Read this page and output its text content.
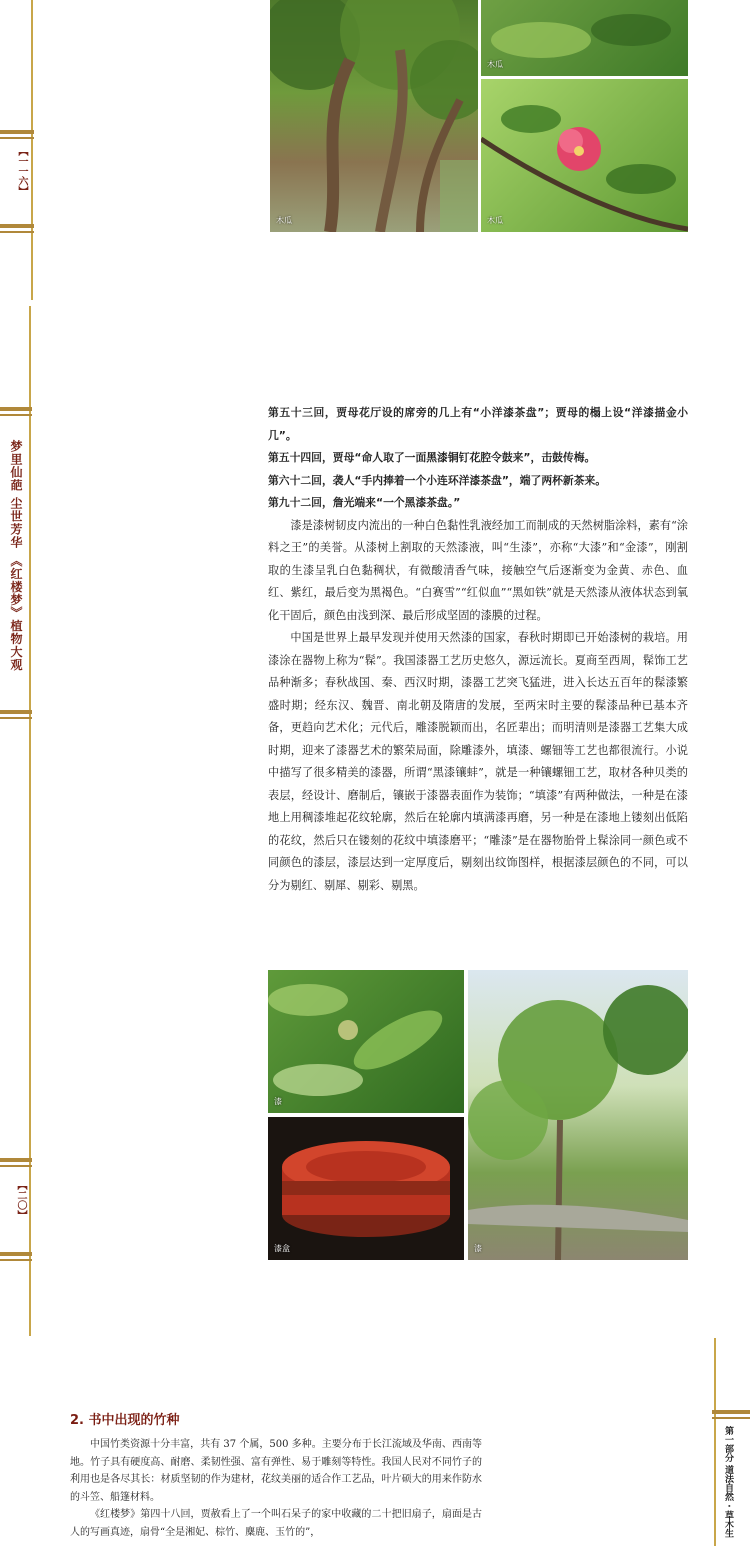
【一一六】
木瓜
木瓜
木瓜
梦里仙葩 尘世芳华 《红楼梦》植物大观
【二〇】

第五十三回，贾母花厅设的席旁的几上有“小洋漆茶盘”；贾母的榻上设“洋漆描金小几”。

第五十四回，贾母“命人取了一面黑漆铜钉花腔令鼓来”，击鼓传梅。

第六十二回，袭人“手内捧着一个小连环洋漆茶盘”，端了两杯新茶来。

第九十二回，詹光端来“一个黑漆茶盘。”

漆是漆树韧皮内流出的一种白色黏性乳液经加工而制成的天然树脂涂料，素有“涂料之王”的美誉。从漆树上割取的天然漆液，叫“生漆”，亦称“大漆”和“金漆”，刚割取的生漆呈乳白色黏稠状，有微酸清香气味，接触空气后逐渐变为金黄、赤色、血红、紫红，最后变为黑褐色。“白赛雪”“红似血”“黑如铁”就是天然漆从液体状态到氧化干固后，颜色由浅到深、最后形成坚固的漆膜的过程。

中国是世界上最早发现并使用天然漆的国家，春秋时期即已开始漆树的栽培。用漆涂在器物上称为“髹”。我国漆器工艺历史悠久，源远流长。夏商至西周，髹饰工艺品种渐多；春秋战国、秦、西汉时期，漆器工艺突飞猛进，进入长达五百年的髹漆繁盛时期；经东汉、魏晋、南北朝及隋唐的发展，至两宋时主要的髹漆品种已基本齐备，更趋向艺术化；元代后，雕漆脱颖而出，名匠辈出；而明清则是漆器工艺集大成时期，迎来了漆器艺术的繁荣局面，除雕漆外，填漆、螺钿等工艺也都很流行。小说中描写了很多精美的漆器，所谓“黑漆镶蚌”，就是一种镶螺钿工艺，取材各种贝类的表层，经设计、磨制后，镶嵌于漆器表面作为装饰；“填漆”有两种做法，一种是在漆地上用稠漆堆起花纹轮廓，然后在轮廓内填满漆再磨，另一种是在漆地上镂刻出低陷的花纹，然后只在镂刻的花纹中填漆磨平；“雕漆”是在器物胎骨上髹涂同一颜色或不同颜色的漆层，漆层达到一定厚度后，剔刻出纹饰图样，根据漆层颜色的不同，可以分为剔红、剔犀、剔彩、剔黑。

漆
漆盒	漆
第一部分 道法自然 · 草木生
2. 书中出现的竹种

中国竹类资源十分丰富，共有 37 个属，500 多种。主要分布于长江流域及华南、西南等地。竹子具有硬度高、耐磨、柔韧性强、富有弹性、易于雕刻等特性。我国人民对不同竹子的利用也是各尽其长：材质坚韧的作为建材，花纹美丽的适合作工艺品，叶片硕大的用来作防水的斗笠、船篷材料。

《红楼梦》第四十八回，贾赦看上了一个叫石呆子的家中收藏的二十把旧扇子，扇面是古人的写画真迹，扇骨“全是湘妃、棕竹、麋鹿、玉竹的”，
